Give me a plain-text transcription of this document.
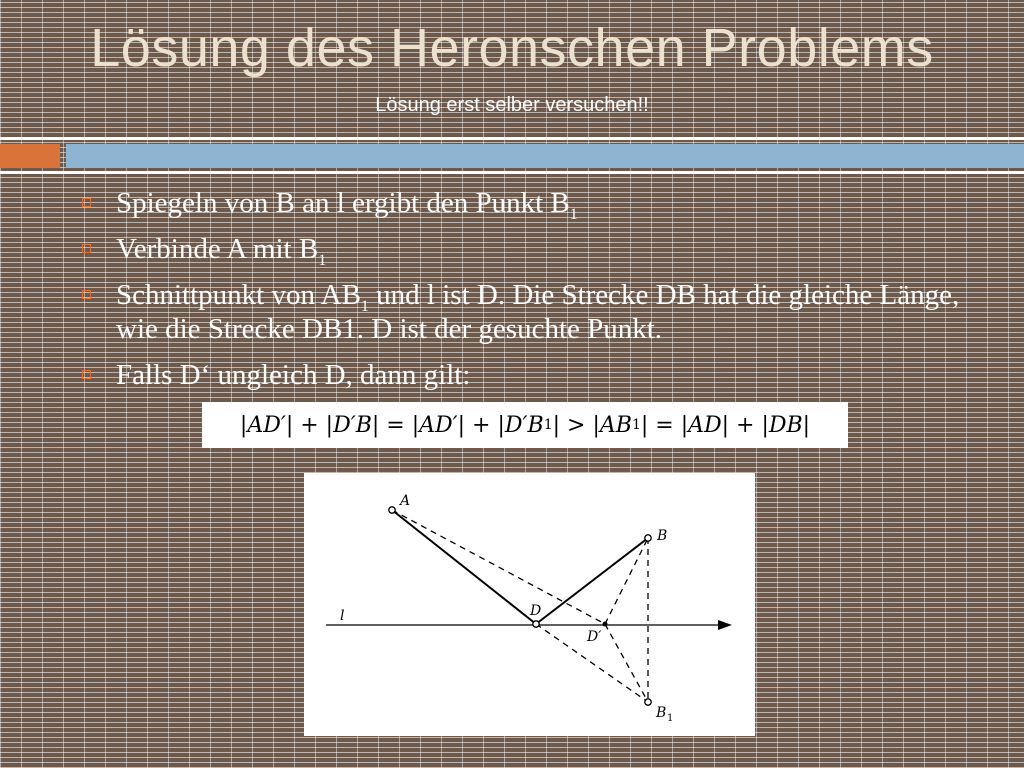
Lösung des Heronschen Problems
Lösung erst selber versuchen!!
Spiegeln von B an l ergibt den Punkt $B_1$
Verbinde A mit $B_1$
Schnittpunkt von $AB_1$ und l ist D. Die Strecke DB hat die gleiche Länge, wie die Strecke DB1. D ist der gesuchte Punkt.
Falls D‘ ungleich D, dann gilt:
|AD′| + |D′B| = |AD′| + |D′B 1 | > |AB 1 | = |AD| + |DB|
A
B
D
D′
B 1
l
